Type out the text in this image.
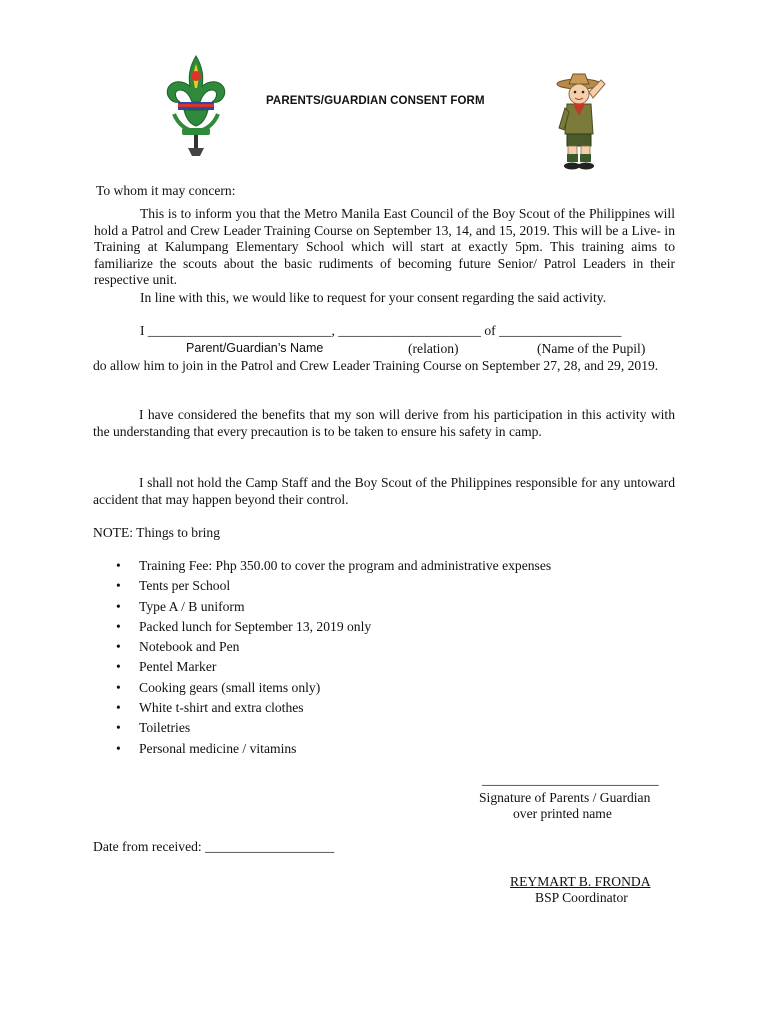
PARENTS/GUARDIAN CONSENT FORM
To whom it may concern:
This is to inform you that the Metro Manila East Council of the Boy Scout of the Philippines will hold a Patrol and Crew Leader Training Course on September 13, 14, and 15, 2019. This will be a Live- in Training at Kalumpang Elementary School which will start at exactly 5pm. This training aims to familiarize the scouts about the basic rudiments of becoming future Senior/ Patrol Leaders in their respective unit.
In line with this, we would like to request for your consent regarding the said activity.
I ___________________________, _____________________ of __________________
Parent/Guardian’s Name	(relation)	(Name of the Pupil)
do allow him to join in the Patrol and Crew Leader Training Course on September 27, 28, and 29, 2019.
I have considered the benefits that my son will derive from his participation in this activity with the understanding that every precaution is to be taken to ensure his safety in camp.
I shall not hold the Camp Staff and the Boy Scout of the Philippines responsible for any untoward accident that may happen beyond their control.
NOTE: Things to bring
• Training Fee: Php 350.00 to cover the program and administrative expenses
• Tents per School
• Type A / B uniform
• Packed lunch for September 13, 2019 only
• Notebook and Pen
• Pentel Marker
• Cooking gears (small items only)
• White t-shirt and extra clothes
• Toiletries
• Personal medicine / vitamins
__________________________
Signature of Parents / Guardian
over printed name
Date from received: ___________________
REYMART B. FRONDA
BSP Coordinator
